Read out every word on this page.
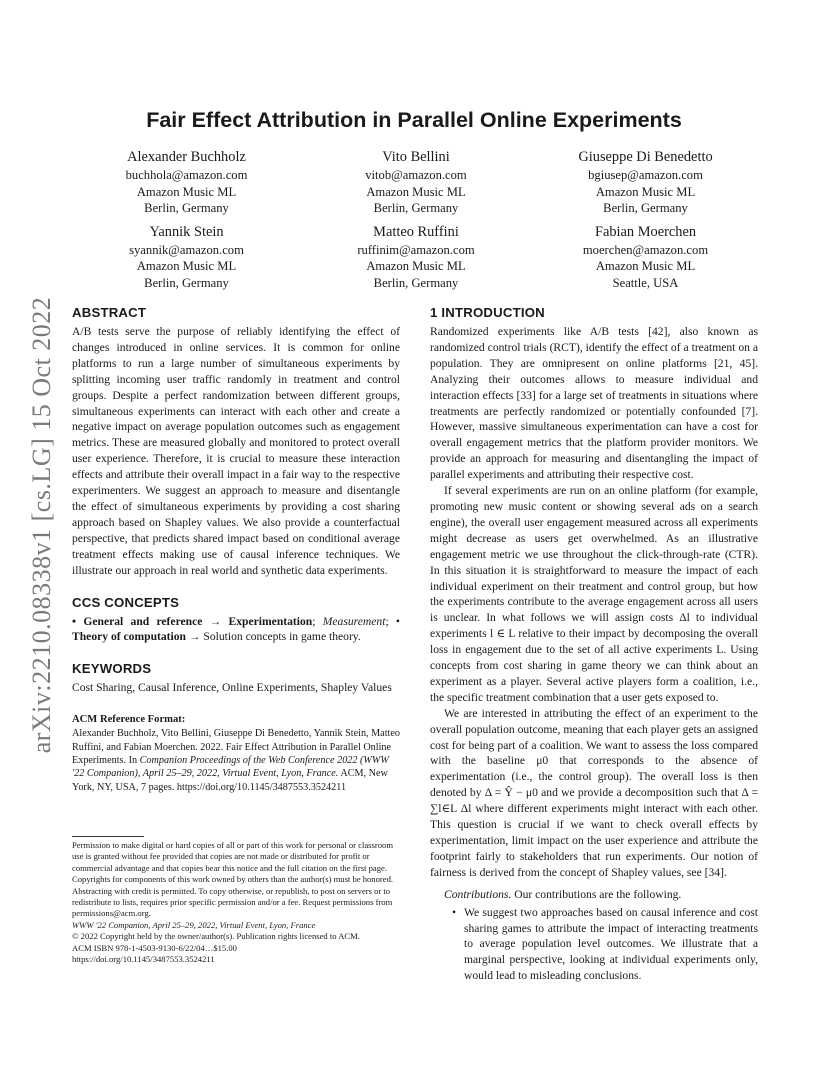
arXiv:2210.08338v1 [cs.LG] 15 Oct 2022
Fair Effect Attribution in Parallel Online Experiments
Alexander Buchholz
buchhola@amazon.com
Amazon Music ML
Berlin, Germany
Vito Bellini
vitob@amazon.com
Amazon Music ML
Berlin, Germany
Giuseppe Di Benedetto
bgiusep@amazon.com
Amazon Music ML
Berlin, Germany
Yannik Stein
syannik@amazon.com
Amazon Music ML
Berlin, Germany
Matteo Ruffini
ruffinim@amazon.com
Amazon Music ML
Berlin, Germany
Fabian Moerchen
moerchen@amazon.com
Amazon Music ML
Seattle, USA
ABSTRACT

A/B tests serve the purpose of reliably identifying the effect of changes introduced in online services. It is common for online platforms to run a large number of simultaneous experiments by splitting incoming user traffic randomly in treatment and control groups. Despite a perfect randomization between different groups, simultaneous experiments can interact with each other and create a negative impact on average population outcomes such as engagement metrics. These are measured globally and monitored to protect overall user experience. Therefore, it is crucial to measure these interaction effects and attribute their overall impact in a fair way to the respective experimenters. We suggest an approach to measure and disentangle the effect of simultaneous experiments by providing a cost sharing approach based on Shapley values. We also provide a counterfactual perspective, that predicts shared impact based on conditional average treatment effects making use of causal inference techniques. We illustrate our approach in real world and synthetic data experiments.

CCS CONCEPTS

• General and reference → Experimentation; Measurement; • Theory of computation → Solution concepts in game theory.

KEYWORDS

Cost Sharing, Causal Inference, Online Experiments, Shapley Values

ACM Reference Format:

Alexander Buchholz, Vito Bellini, Giuseppe Di Benedetto, Yannik Stein, Matteo Ruffini, and Fabian Moerchen. 2022. Fair Effect Attribution in Parallel Online Experiments. In Companion Proceedings of the Web Conference 2022 (WWW '22 Companion), April 25–29, 2022, Virtual Event, Lyon, France. ACM, New York, NY, USA, 7 pages. https://doi.org/10.1145/3487553.3524211

Permission to make digital or hard copies of all or part of this work for personal or classroom use is granted without fee provided that copies are not made or distributed for profit or commercial advantage and that copies bear this notice and the full citation on the first page. Copyrights for components of this work owned by others than the author(s) must be honored. Abstracting with credit is permitted. To copy otherwise, or republish, to post on servers or to redistribute to lists, requires prior specific permission and/or a fee. Request permissions from permissions@acm.org.

WWW '22 Companion, April 25–29, 2022, Virtual Event, Lyon, France

© 2022 Copyright held by the owner/author(s). Publication rights licensed to ACM.

ACM ISBN 978-1-4503-9130-6/22/04…$15.00

https://doi.org/10.1145/3487553.3524211

1 INTRODUCTION

Randomized experiments like A/B tests [42], also known as randomized control trials (RCT), identify the effect of a treatment on a population. They are omnipresent on online platforms [21, 45]. Analyzing their outcomes allows to measure individual and interaction effects [33] for a large set of treatments in situations where treatments are perfectly randomized or potentially confounded [7]. However, massive simultaneous experimentation can have a cost for overall engagement metrics that the platform provider monitors. We provide an approach for measuring and disentangling the impact of parallel experiments and attributing their respective cost.

If several experiments are run on an online platform (for example, promoting new music content or showing several ads on a search engine), the overall user engagement measured across all experiments might decrease as users get overwhelmed. As an illustrative engagement metric we use throughout the click-through-rate (CTR). In this situation it is straightforward to measure the impact of each individual experiment on their treatment and control group, but how the experiments contribute to the average engagement across all users is unclear. In what follows we will assign costs Δl to individual experiments l ∈ L relative to their impact by decomposing the overall loss in engagement due to the set of all active experiments L. Using concepts from cost sharing in game theory we can think about an experiment as a player. Several active players form a coalition, i.e., the specific treatment combination that a user gets exposed to.

We are interested in attributing the effect of an experiment to the overall population outcome, meaning that each player gets an assigned cost for being part of a coalition. We want to assess the loss compared with the baseline μ0 that corresponds to the absence of experimentation (i.e., the control group). The overall loss is then denoted by Δ = Ŷ − μ0 and we provide a decomposition such that Δ = ∑l∈L Δl where different experiments might interact with each other. This question is crucial if we want to check overall effects by experimentation, limit impact on the user experience and attribute the footprint fairly to stakeholders that run experiments. Our notion of fairness is derived from the concept of Shapley values, see [34].

Contributions. Our contributions are the following.

• We suggest two approaches based on causal inference and cost sharing games to attribute the impact of interacting treatments to average population level outcomes. We illustrate that a marginal perspective, looking at individual experiments only, would lead to misleading conclusions.
